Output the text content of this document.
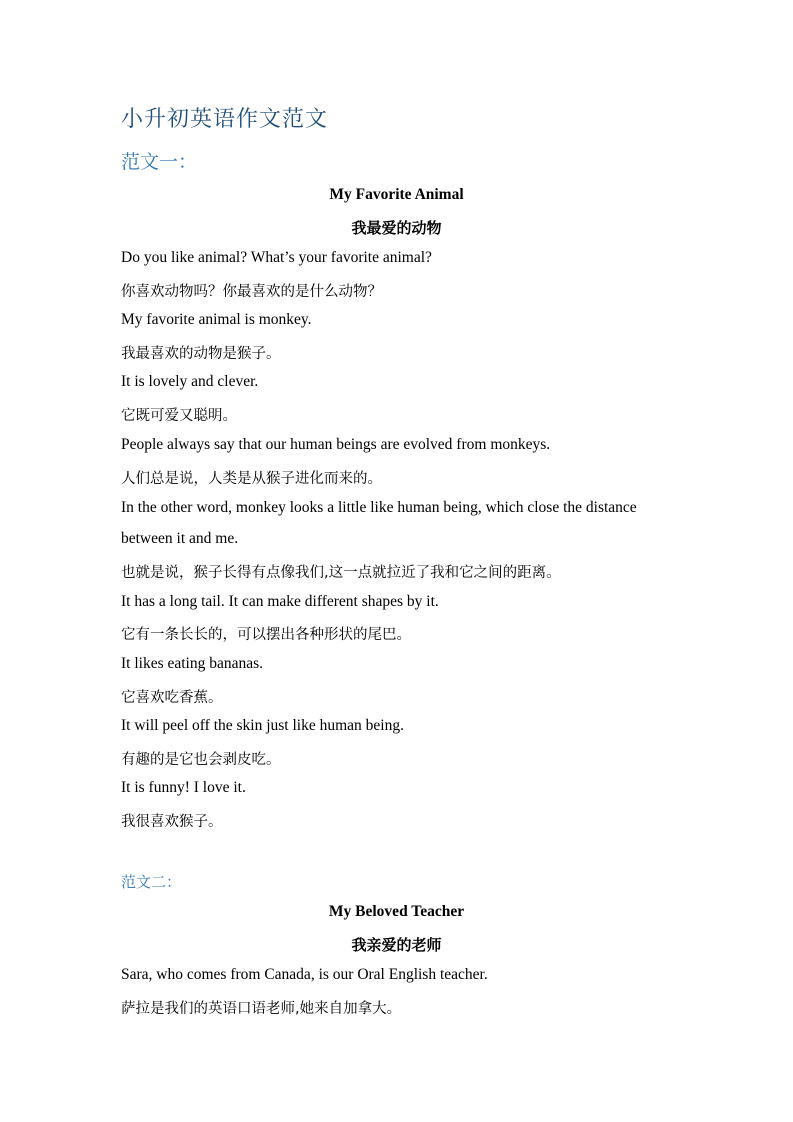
小升初英语作文范文
范文一：
My Favorite Animal
我最爱的动物
Do you like animal? What’s your favorite animal?
你喜欢动物吗？你最喜欢的是什么动物？
My favorite animal is monkey.
我最喜欢的动物是猴子。
It is lovely and clever.
它既可爱又聪明。
People always say that our human beings are evolved from monkeys.
人们总是说，人类是从猴子进化而来的。
In the other word, monkey looks a little like human being, which close the distance between it and me.
也就是说，猴子长得有点像我们,这一点就拉近了我和它之间的距离。
It has a long tail. It can make different shapes by it.
它有一条长长的，可以摆出各种形状的尾巴。
It likes eating bananas.
它喜欢吃香蕉。
It will peel off the skin just like human being.
有趣的是它也会剥皮吃。
It is funny! I love it.
我很喜欢猴子。
范文二：
My Beloved Teacher
我亲爱的老师
Sara, who comes from Canada, is our Oral English teacher.
萨拉是我们的英语口语老师,她来自加拿大。
